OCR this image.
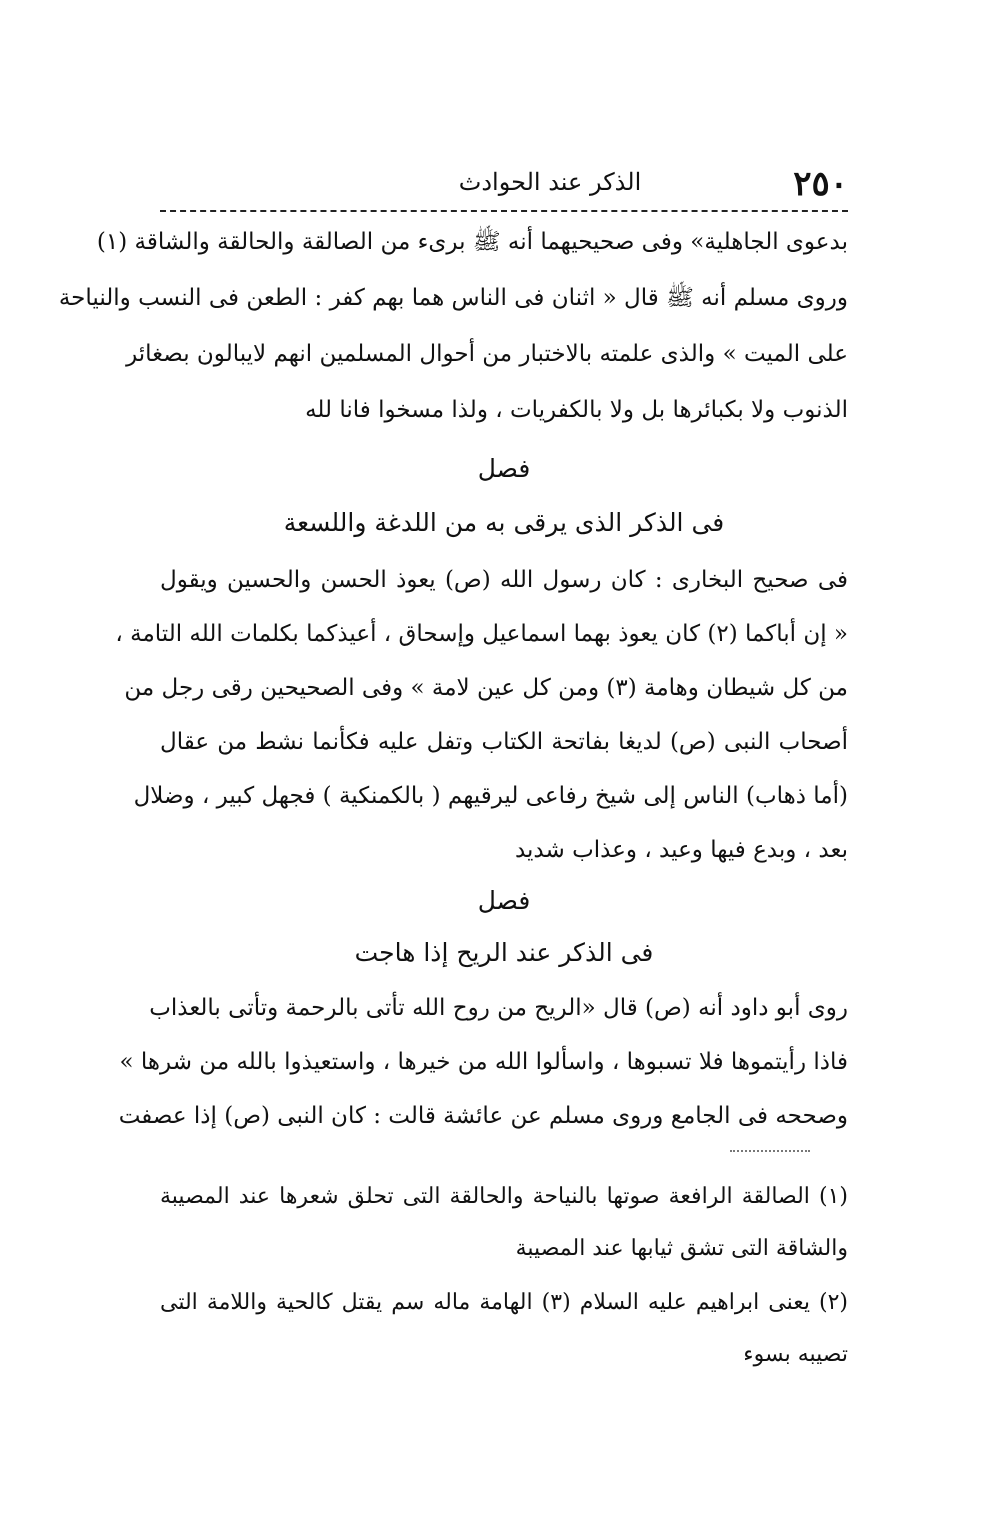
٢٥٠
الذكر عند الحوادث
بدعوى الجاهلية» وفى صحيحيهما أنه ﷺ برىء من الصالقة والحالقة والشاقة (١)
وروى مسلم أنه ﷺ قال « اثنان فى الناس هما بهم كفر : الطعن فى النسب والنياحة
على الميت » والذى علمته بالاختبار من أحوال المسلمين انهم لايبالون بصغائر
الذنوب ولا بكبائرها بل ولا بالكفريات ، ولذا مسخوا فانا لله
فصل
فى الذكر الذى يرقى به من اللدغة واللسعة
فى صحيح البخارى : كان رسول الله (ص) يعوذ الحسن والحسين ويقول
« إن أباكما (٢) كان يعوذ بهما اسماعيل وإسحاق ، أعيذكما بكلمات الله التامة ،
من كل شيطان وهامة (٣) ومن كل عين لامة » وفى الصحيحين رقى رجل من
أصحاب النبى (ص) لديغا بفاتحة الكتاب وتفل عليه فكأنما نشط من عقال
(أما ذهاب) الناس إلى شيخ رفاعى ليرقيهم ( بالكمنكية ) فجهل كبير ، وضلال
بعد ، وبدع فيها وعيد ، وعذاب شديد
فصل
فى الذكر عند الريح إذا هاجت
روى أبو داود أنه (ص) قال «الريح من روح الله تأتى بالرحمة وتأتى بالعذاب
فاذا رأيتموها فلا تسبوها ، واسألوا الله من خيرها ، واستعيذوا بالله من شرها »
وصححه فى الجامع وروى مسلم عن عائشة قالت : كان النبى (ص) إذا عصفت
(١) الصالقة الرافعة صوتها بالنياحة والحالقة التى تحلق شعرها عند المصيبة
والشاقة التى تشق ثيابها عند المصيبة
(٢) يعنى ابراهيم عليه السلام (٣) الهامة ماله سم يقتل كالحية واللامة التى
تصيبه بسوء
